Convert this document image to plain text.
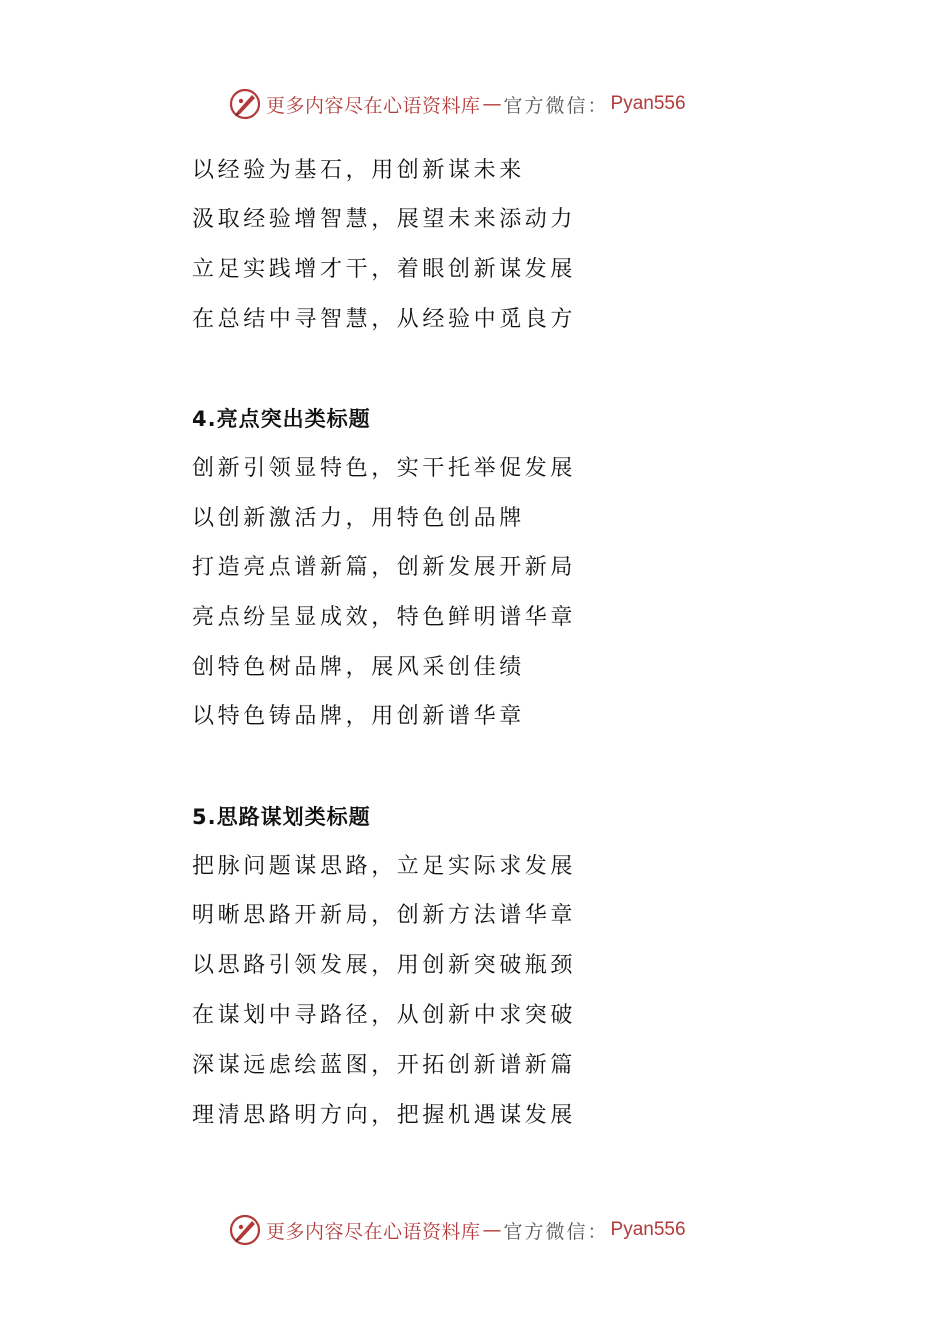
更多内容尽在心语资料库 — 官方微信： Pyan556
以经验为基石，用创新谋未来
汲取经验增智慧，展望未来添动力
立足实践增才干，着眼创新谋发展
在总结中寻智慧，从经验中觅良方
4.亮点突出类标题
创新引领显特色，实干托举促发展
以创新激活力，用特色创品牌
打造亮点谱新篇，创新发展开新局
亮点纷呈显成效，特色鲜明谱华章
创特色树品牌，展风采创佳绩
以特色铸品牌，用创新谱华章
5.思路谋划类标题
把脉问题谋思路，立足实际求发展
明晰思路开新局，创新方法谱华章
以思路引领发展，用创新突破瓶颈
在谋划中寻路径，从创新中求突破
深谋远虑绘蓝图，开拓创新谱新篇
理清思路明方向，把握机遇谋发展
更多内容尽在心语资料库 — 官方微信： Pyan556
